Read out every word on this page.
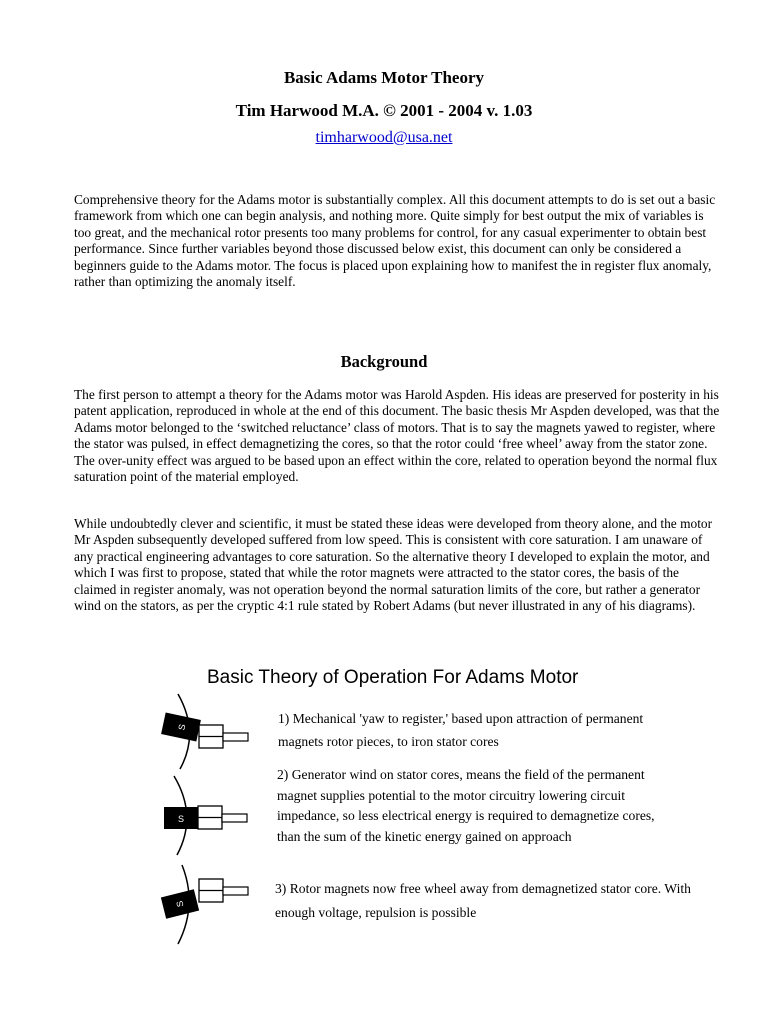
Basic Adams Motor Theory
Tim Harwood M.A. © 2001 - 2004 v. 1.03
timharwood@usa.net

Comprehensive theory for the Adams motor is substantially complex. All this document attempts to do is set out a basic framework from which one can begin analysis, and nothing more. Quite simply for best output the mix of variables is too great, and the mechanical rotor presents too many problems for control, for any casual experimenter to obtain best performance. Since further variables beyond those discussed below exist, this document can only be considered a beginners guide to the Adams motor. The focus is placed upon explaining how to manifest the in register flux anomaly, rather than optimizing the anomaly itself.

Background

The first person to attempt a theory for the Adams motor was Harold Aspden. His ideas are preserved for posterity in his patent application, reproduced in whole at the end of this document. The basic thesis Mr Aspden developed, was that the Adams motor belonged to the ‘switched reluctance’ class of motors. That is to say the magnets yawed to register, where the stator was pulsed, in effect demagnetizing the cores, so that the rotor could ‘free wheel’ away from the stator zone. The over-unity effect was argued to be based upon an effect within the core, related to operation beyond the normal flux saturation point of the material employed.

While undoubtedly clever and scientific, it must be stated these ideas were developed from theory alone, and the motor Mr Aspden subsequently developed suffered from low speed. This is consistent with core saturation. I am unaware of any practical engineering advantages to core saturation. So the alternative theory I developed to explain the motor, and which I was first to propose, stated that while the rotor magnets were attracted to the stator cores, the basis of the claimed in register anomaly, was not operation beyond the normal saturation limits of the core, but rather a generator wind on the stators, as per the cryptic 4:1 rule stated by Robert Adams (but never illustrated in any of his diagrams).

Basic Theory of Operation For Adams Motor
S
S
S

1) Mechanical 'yaw to register,' based upon attraction of permanent magnets rotor pieces, to iron stator cores

2) Generator wind on stator cores, means the field of the permanent magnet supplies potential to the motor circuitry lowering circuit impedance, so less electrical energy is required to demagnetize cores, than the sum of the kinetic energy gained on approach

3) Rotor magnets now free wheel away from demagnetized stator core. With enough voltage, repulsion is possible
